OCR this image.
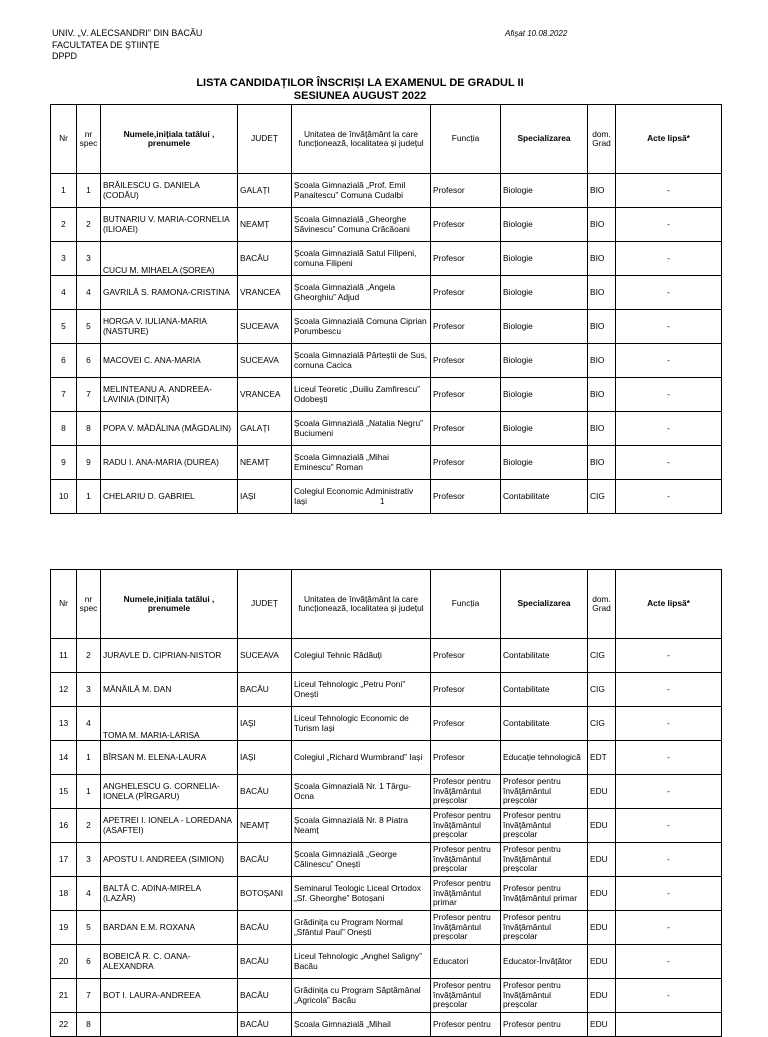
UNIV. „V. ALECSANDRI” DIN BACĂU
FACULTATEA DE ȘTIINȚE
DPPD
Afișat 10.08.2022
LISTA CANDIDAȚILOR ÎNSCRIȘI LA EXAMENUL DE GRADUL II
SESIUNEA AUGUST 2022
Nr	nr spec	Numele,inițiala tatălui , prenumele	JUDEȚ	Unitatea de învățământ la care funcționează, localitatea și județul	Funcția	Specializarea	dom. Grad	Acte lipsă*
1	1	BRĂILESCU G. DANIELA (CODĂU)	GALAȚI	Școala Gimnazială „Prof. Emil Panaitescu” Comuna Cudalbi	Profesor	Biologie	BIO	-
2	2	BUTNARIU V. MARIA-CORNELIA (ILIOAEI)	NEAMȚ	Școala Gimnazială „Gheorghe Săvinescu” Comuna Crăcăoani	Profesor	Biologie	BIO	-
3	3	CUCU M. MIHAELA (ȘOREA)	BACĂU	Școala Gimnazială Satul Filipeni, comuna Filipeni	Profesor	Biologie	BIO	-
4	4	GAVRILĂ S. RAMONA-CRISTINA	VRANCEA	Școala Gimnazială „Angela Gheorghiu” Adjud	Profesor	Biologie	BIO	-
5	5	HORGA V. IULIANA-MARIA (NASTURE)	SUCEAVA	Școala Gimnazială Comuna Ciprian Porumbescu	Profesor	Biologie	BIO	-
6	6	MACOVEI C. ANA-MARIA	SUCEAVA	Școala Gimnazială Pârteștii de Sus, comuna Cacica	Profesor	Biologie	BIO	-
7	7	MELINTEANU A. ANDREEA-LAVINIA (DINIȚĂ)	VRANCEA	Liceul Teoretic „Duiliu Zamfirescu” Odobești	Profesor	Biologie	BIO	-
8	8	POPA V. MĂDĂLINA (MĂGDALIN)	GALAȚI	Școala Gimnazială „Natalia Negru” Buciumeni	Profesor	Biologie	BIO	-
9	9	RADU I. ANA-MARIA (DUREA)	NEAMȚ	Școala Gimnazială „Mihai Eminescu” Roman	Profesor	Biologie	BIO	-
10	1	CHELARIU D. GABRIEL	IAȘI	Colegiul Economic Administrativ Iași	Profesor	Contabilitate	CIG	-
1
Nr	nr spec	Numele,inițiala tatălui , prenumele	JUDEȚ	Unitatea de învățământ la care funcționează, localitatea și județul	Funcția	Specializarea	dom. Grad	Acte lipsă*
11	2	JURAVLE D. CIPRIAN-NISTOR	SUCEAVA	Colegiul Tehnic Rădăuți	Profesor	Contabilitate	CIG	-
12	3	MĂNĂILĂ M. DAN	BACĂU	Liceul Tehnologic „Petru Poni” Onești	Profesor	Contabilitate	CIG	-
13	4	TOMA M. MARIA-LARISA	IAȘI	Liceul Tehnologic Economic de Turism Iași	Profesor	Contabilitate	CIG	-
14	1	BÎRSAN M. ELENA-LAURA	IAȘI	Colegiul „Richard Wurmbrand” Iași	Profesor	Educație tehnologică	EDT	-
15	1	ANGHELESCU G. CORNELIA-IONELA (PÎRGARU)	BACĂU	Școala Gimnazială Nr. 1 Târgu-Ocna	Profesor pentru învățământul preșcolar	Profesor pentru învățământul preșcolar	EDU	-
16	2	APETREI I. IONELA - LOREDANA (ASAFTEI)	NEAMȚ	Școala Gimnazială Nr. 8 Piatra Neamț	Profesor pentru învățământul preșcolar	Profesor pentru învățământul preșcolar	EDU	-
17	3	APOSTU I. ANDREEA (SIMION)	BACĂU	Școala Gimnazială „George Călinescu” Onești	Profesor pentru învățământul preșcolar	Profesor pentru învățământul preșcolar	EDU	-
18	4	BALTĂ C. ADINA-MIRELA (LAZĂR)	BOTOȘANI	Seminarul Teologic Liceal Ortodox „Sf. Gheorghe” Botoșani	Profesor pentru învățământul primar	Profesor pentru învățământul primar	EDU	-
19	5	BARDAN E.M. ROXANA	BACĂU	Grădinița cu Program Normal „Sfântul Paul” Onești	Profesor pentru învățământul preșcolar	Profesor pentru învățământul preșcolar	EDU	-
20	6	BOBEICĂ R. C. OANA-ALEXANDRA	BACĂU	Liceul Tehnologic „Anghel Saligny” Bacău	Educatori	Educator-Învățător	EDU	-
21	7	BOT I. LAURA-ANDREEA	BACĂU	Grădinița cu Program Săptămânal „Agricola” Bacău	Profesor pentru învățământul preșcolar	Profesor pentru învățământul preșcolar	EDU	-
22	8		BACĂU	Școala Gimnazială „Mihail	Profesor pentru	Profesor pentru	EDU	
